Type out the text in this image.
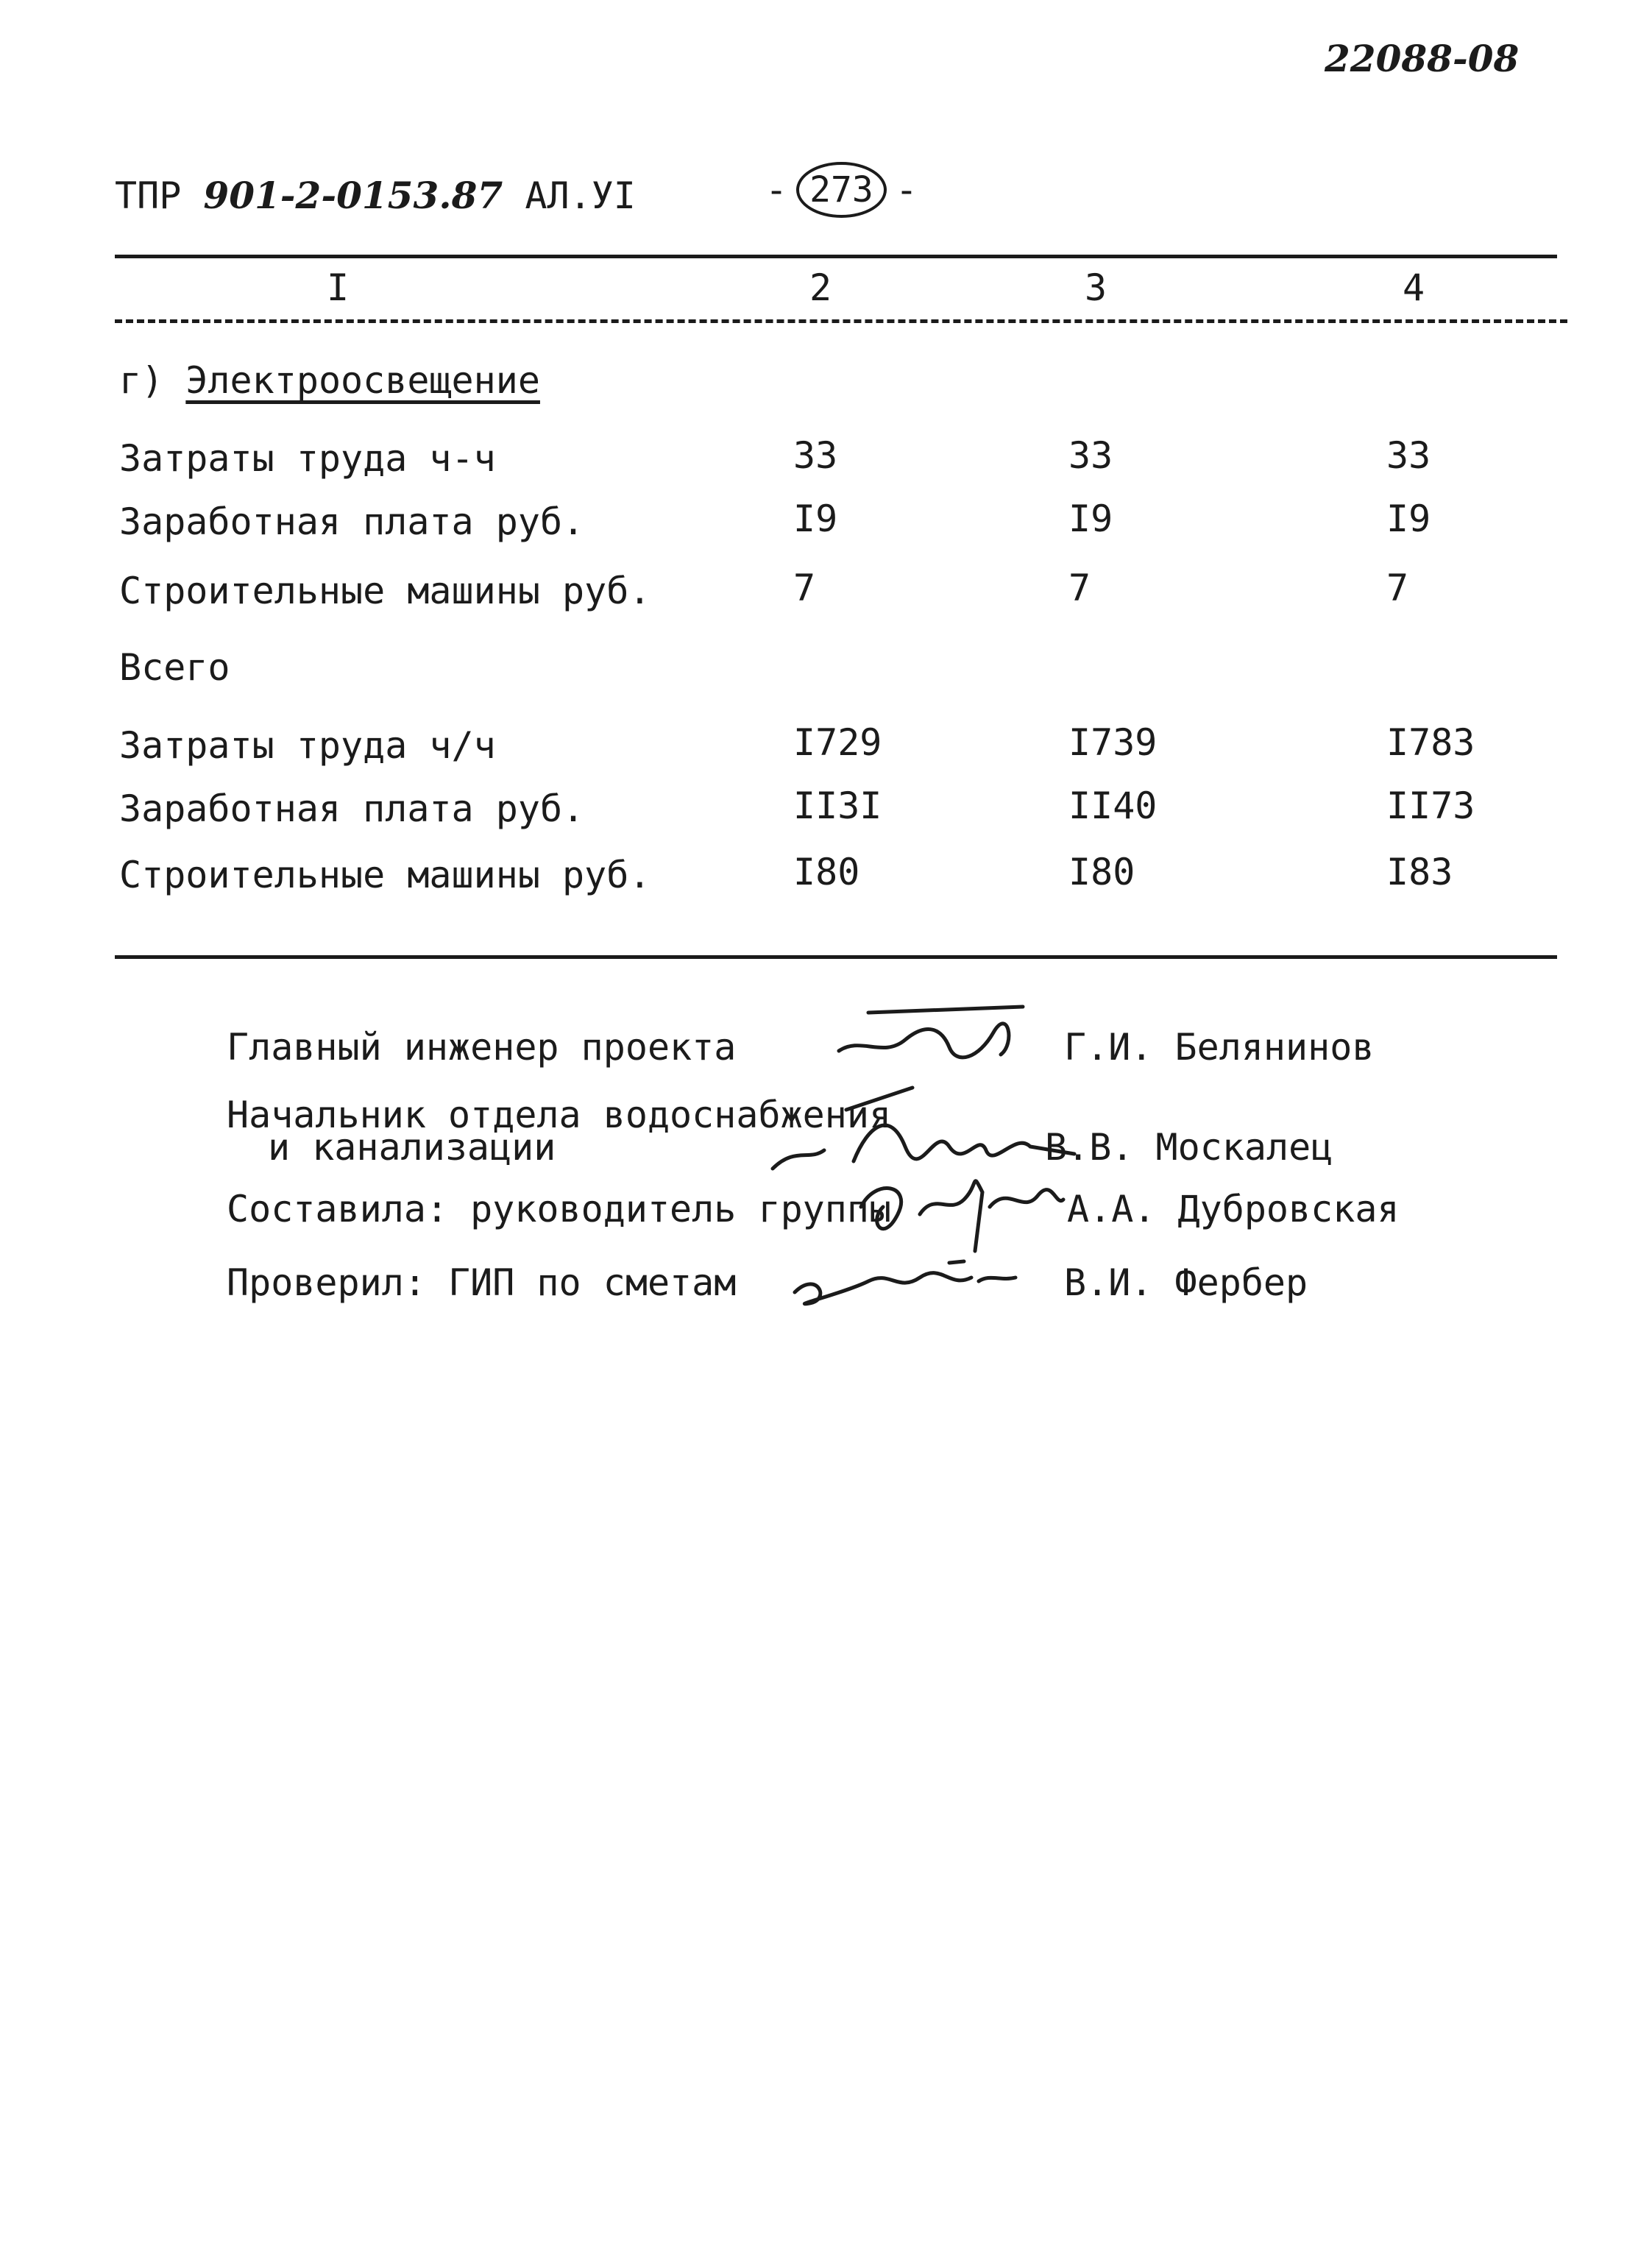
22088-08
ТПР 901-2-0153.87 АЛ.УI	- 273 -
I	2	3	4
г) Электроосвещение
Затраты труда ч-ч	33	33	33
Заработная плата руб.	I9	I9	I9
Строительные машины руб.	7	7	7
Всего
Затраты труда ч/ч	I729	I739	I783
Заработная плата руб.	II3I	II40	II73
Строительные машины руб.	I80	I80	I83
Главный инженер проекта	Г.И. Белянинов
Начальник отдела водоснабжения
и канализации	В.В. Москалец
Составила: руководитель группы	А.А. Дубровская
Проверил: ГИП по сметам	В.И. Фербер
